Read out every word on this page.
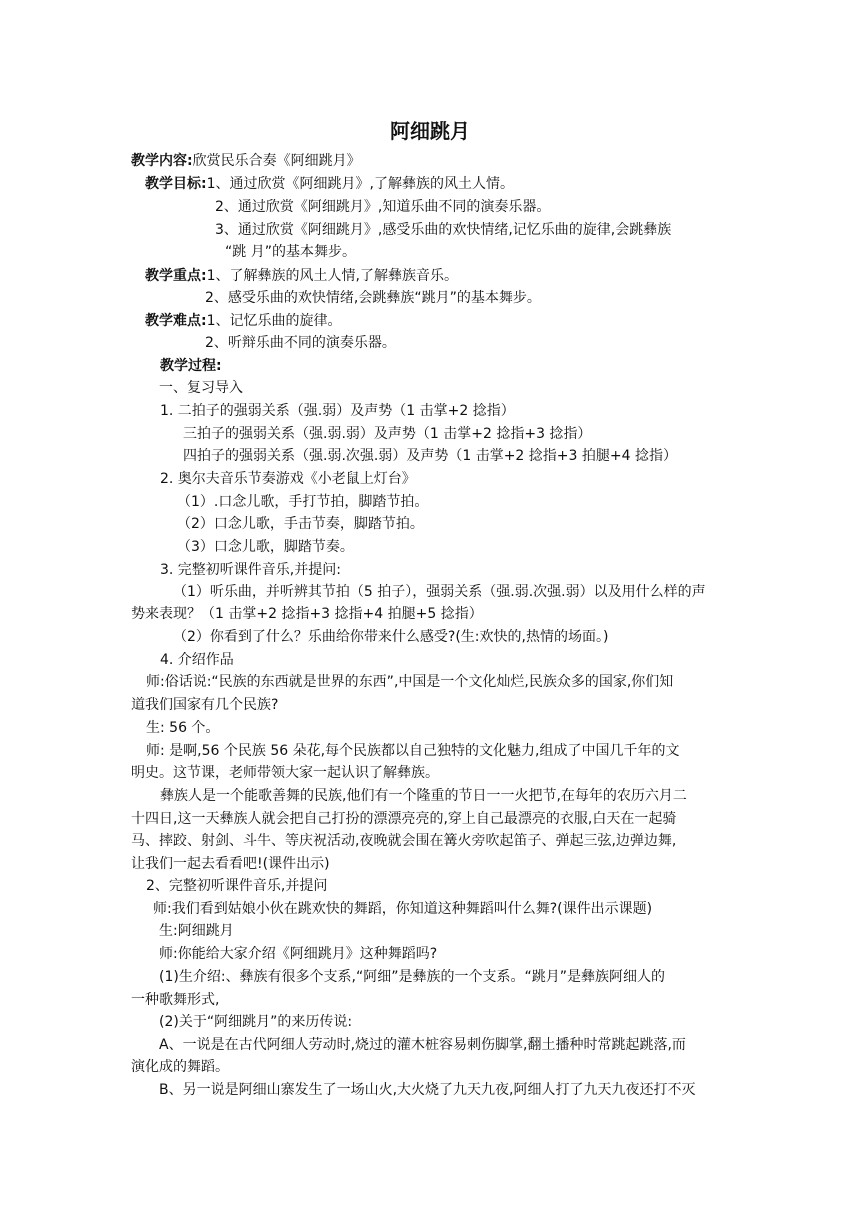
阿细跳月
教学内容:欣赏民乐合奏《阿细跳月》
教学目标:1、通过欣赏《阿细跳月》,了解彝族的风土人情。
2、通过欣赏《阿细跳月》,知道乐曲不同的演奏乐器。
3、通过欣赏《阿细跳月》,感受乐曲的欢快情绪,记忆乐曲的旋律,会跳彝族
“跳 月”的基本舞步。
教学重点:1、了解彝族的风土人情,了解彝族音乐。
2、感受乐曲的欢快情绪,会跳彝族“跳月”的基本舞步。
教学难点:1、记忆乐曲的旋律。
2、听辩乐曲不同的演奏乐器。
教学过程:
一、复习导入
1. 二拍子的强弱关系（强.弱）及声势（1 击掌+2 捻指）
三拍子的强弱关系（强.弱.弱）及声势（1 击掌+2 捻指+3 捻指）
四拍子的强弱关系（强.弱.次强.弱）及声势（1 击掌+2 捻指+3 拍腿+4 捻指）
2. 奥尔夫音乐节奏游戏《小老鼠上灯台》
（1）.口念儿歌，手打节拍，脚踏节拍。
（2）口念儿歌，手击节奏，脚踏节拍。
（3）口念儿歌，脚踏节奏。
3. 完整初听课件音乐,并提问:
（1）听乐曲，并听辨其节拍（5 拍子），强弱关系（强.弱.次强.弱）以及用什么样的声
势来表现？（1 击掌+2 捻指+3 捻指+4 拍腿+5 捻指）
（2）你看到了什么？乐曲给你带来什么感受?(生:欢快的,热情的场面。)
4. 介绍作品
师:俗话说:“民族的东西就是世界的东西”,中国是一个文化灿烂,民族众多的国家,你们知
道我们国家有几个民族?
生: 56 个。
师: 是啊,56 个民族 56 朵花,每个民族都以自己独特的文化魅力,组成了中国几千年的文
明史。这节课，老师带领大家一起认识了解彝族。
彝族人是一个能歌善舞的民族,他们有一个隆重的节日一一火把节,在每年的农历六月二
十四日,这一天彝族人就会把自己打扮的漂漂亮亮的,穿上自己最漂亮的衣服,白天在一起骑
马、摔跤、射剑、斗牛、等庆祝活动,夜晚就会围在篝火旁吹起笛子、弹起三弦,边弹边舞,
让我们一起去看看吧!(课件出示)
2、完整初听课件音乐,并提问
师:我们看到姑娘小伙在跳欢快的舞蹈，你知道这种舞蹈叫什么舞?(课件出示课题)
生:阿细跳月
师:你能给大家介绍《阿细跳月》这种舞蹈吗?
(1)生介绍:、彝族有很多个支系,“阿细”是彝族的一个支系。“跳月”是彝族阿细人的
一种歌舞形式,
(2)关于“阿细跳月”的来历传说:
A、一说是在古代阿细人劳动时,烧过的灌木桩容易刺伤脚掌,翻土播种时常跳起跳落,而
演化成的舞蹈。
B、另一说是阿细山寨发生了一场山火,大火烧了九天九夜,阿细人打了九天九夜还打不灭
